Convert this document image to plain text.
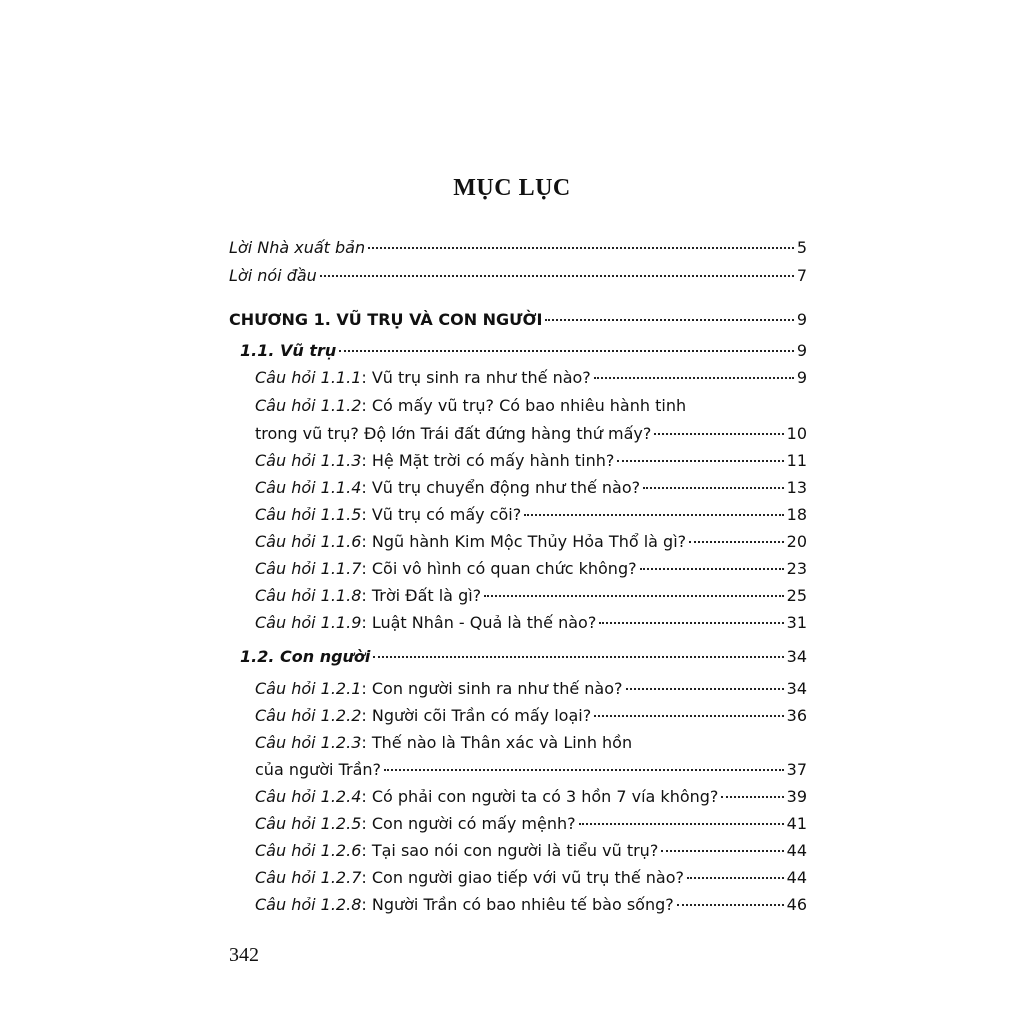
MỤC LỤC
Lời Nhà xuất bản	5
Lời nói đầu	7
CHƯƠNG 1. VŨ TRỤ VÀ CON NGƯỜI	9
1.1. Vũ trụ	9
Câu hỏi 1.1.1: Vũ trụ sinh ra như thế nào?	9
Câu hỏi 1.1.2: Có mấy vũ trụ? Có bao nhiêu hành tinh
trong vũ trụ? Độ lớn Trái đất đứng hàng thứ mấy?	10
Câu hỏi 1.1.3: Hệ Mặt trời có mấy hành tinh?	11
Câu hỏi 1.1.4: Vũ trụ chuyển động như thế nào?	13
Câu hỏi 1.1.5: Vũ trụ có mấy cõi?	18
Câu hỏi 1.1.6: Ngũ hành Kim Mộc Thủy Hỏa Thổ là gì?	20
Câu hỏi 1.1.7: Cõi vô hình có quan chức không?	23
Câu hỏi 1.1.8: Trời Đất là gì?	25
Câu hỏi 1.1.9: Luật Nhân - Quả là thế nào?	31
1.2. Con người	34
Câu hỏi 1.2.1: Con người sinh ra như thế nào?	34
Câu hỏi 1.2.2: Người cõi Trần có mấy loại?	36
Câu hỏi 1.2.3: Thế nào là Thân xác và Linh hồn
của người Trần?	37
Câu hỏi 1.2.4: Có phải con người ta có 3 hồn 7 vía không?	39
Câu hỏi 1.2.5: Con người có mấy mệnh?	41
Câu hỏi 1.2.6: Tại sao nói con người là tiểu vũ trụ?	44
Câu hỏi 1.2.7: Con người giao tiếp với vũ trụ thế nào?	44
Câu hỏi 1.2.8: Người Trần có bao nhiêu tế bào sống?	46
342
